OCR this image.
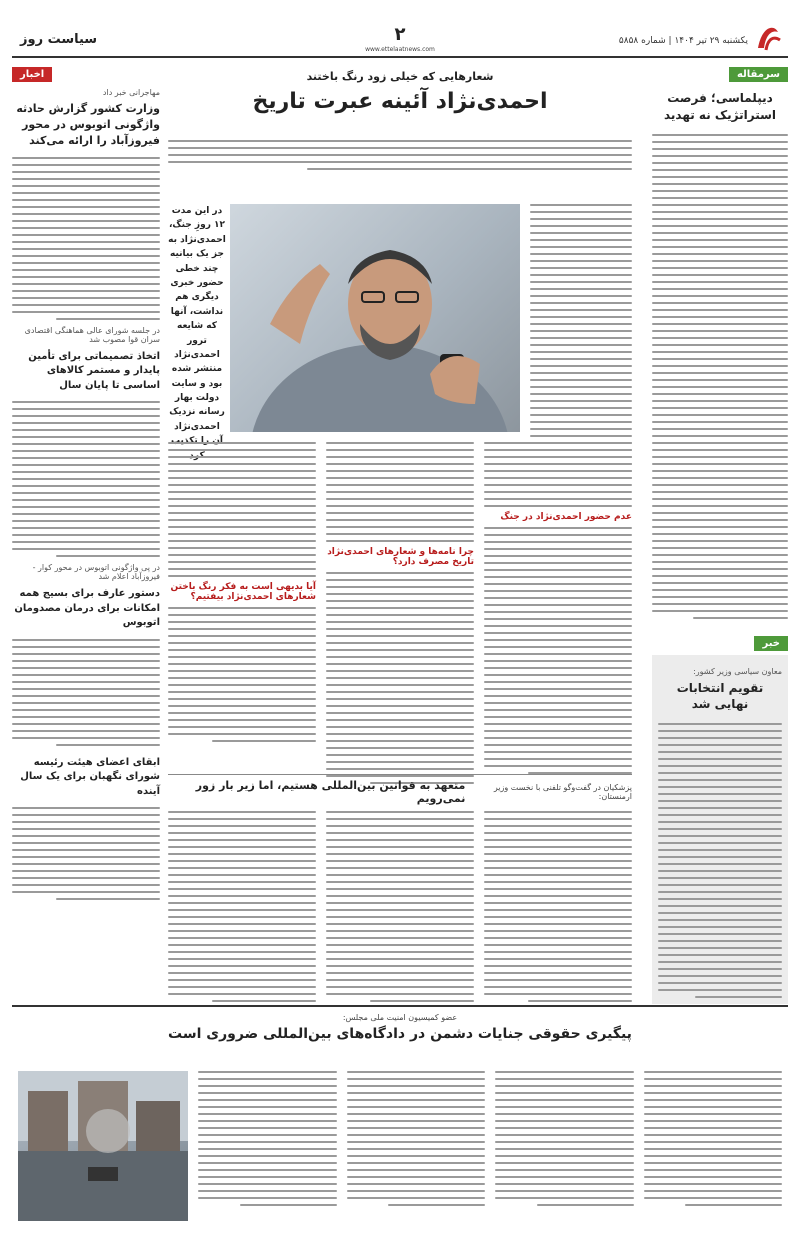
یکشنبه ۲۹ تیر ۱۴۰۴ | شماره ۵۸۵۸
۲
www.ettelaatnews.com
سیاست روز
سرمقاله
دیپلماسی؛ فرصت استراتژیک نه تهدید
خبر
معاون سیاسی وزیر کشور:
تقویم انتخابات نهایی شد
اخبار
مهاجرانی خبر داد
وزارت کشور گزارش حادثه واژگونی اتوبوس در محور فیروزآباد را ارائه می‌کند
در جلسه شورای عالی هماهنگی اقتصادی سران قوا مصوب شد
اتخاذ تصمیماتی برای تأمین پایدار و مستمر کالاهای اساسی تا پایان سال
در پی واژگونی اتوبوس در محور کوار - فیروزآباد اعلام شد
دستور عارف برای بسیج همه امکانات برای درمان مصدومان اتوبوس
ابقای اعضای هیئت رئیسه شورای نگهبان برای یک سال آینده
شعارهایی که خیلی زود رنگ باختند
احمدی‌نژاد آئینه عبرت تاریخ
در این مدت ۱۲ روزِ جنگ، احمدی‌نژاد به جز یک بیانیه چند خطی حضور خبری دیگری هم نداشت، آنها که شایعه ترور احمدی‌نژاد منتشر شده بود و سایت دولت بهار رسانه نزدیک احمدی‌نژاد
عدم حضور احمدی‌نژاد در جنگ
چرا نامه‌ها و شعارهای احمدی‌نژاد تاریخ مصرف دارد؟
آیا بدیهی است به فکر رنگ باختن شعارهای احمدی‌نژاد بیفتیم؟
پزشکیان در گفت‌وگو تلفنی با نخست وزیر ارمنستان:
متعهد به قوانین بین‌المللی هستیم، اما زیر بار زور نمی‌رویم
عضو کمیسیون امنیت ملی مجلس:
پیگیری حقوقی جنایات دشمن در دادگاه‌های بین‌المللی ضروری است
